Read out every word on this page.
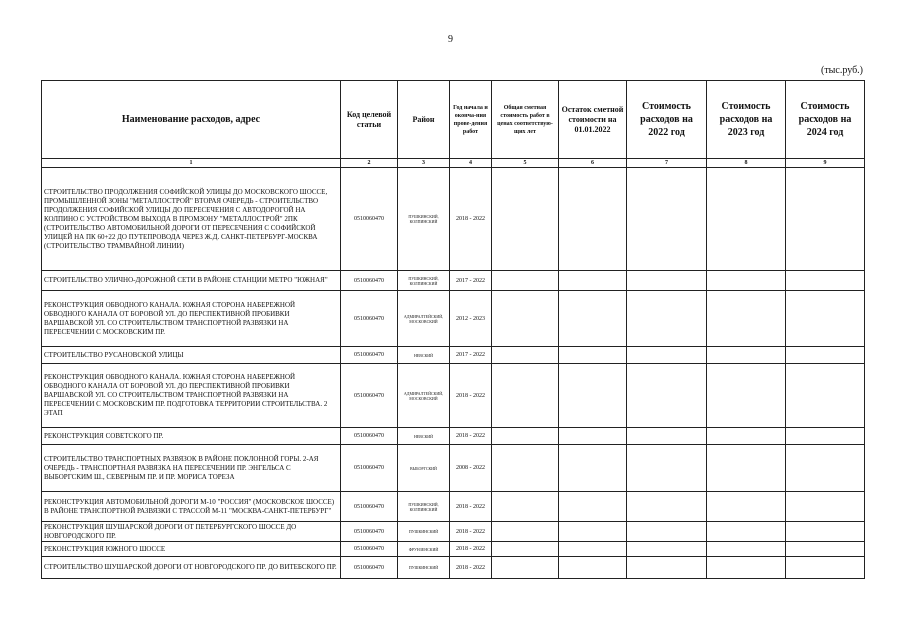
9
(тыс.руб.)
Наименование расходов, адрес	Код целевой статьи	Район	Год начала и оконча-ния прове-дения работ	Общая сметная стоимость работ в ценах соответствую-щих лет	Остаток сметной стоимости на 01.01.2022	Стоимость расходов на 2022 год	Стоимость расходов на 2023 год	Стоимость расходов на 2024 год
1	2	3	4	5	6	7	8	9
СТРОИТЕЛЬСТВО ПРОДОЛЖЕНИЯ СОФИЙСКОЙ УЛИЦЫ ДО МОСКОВСКОГО ШОССЕ, ПРОМЫШЛЕННОЙ ЗОНЫ "МЕТАЛЛОСТРОЙ" ВТОРАЯ ОЧЕРЕДЬ - СТРОИТЕЛЬСТВО ПРОДОЛЖЕНИЯ СОФИЙСКОЙ УЛИЦЫ ДО ПЕРЕСЕЧЕНИЯ С АВТОДОРОГОЙ НА КОЛПИНО С УСТРОЙСТВОМ ВЫХОДА В ПРОМЗОНУ "МЕТАЛЛОСТРОЙ" 2ПК (СТРОИТЕЛЬСТВО АВТОМОБИЛЬНОЙ ДОРОГИ ОТ ПЕРЕСЕЧЕНИЯ С СОФИЙСКОЙ УЛИЦЕЙ НА ПК 60+22 ДО ПУТЕПРОВОДА ЧЕРЕЗ Ж.Д. САНКТ-ПЕТЕРБУРГ-МОСКВА (СТРОИТЕЛЬСТВО ТРАМВАЙНОЙ ЛИНИИ)	0510060470	ПУШКИНСКИЙ, КОЛПИНСКИЙ	2018 - 2022					
СТРОИТЕЛЬСТВО УЛИЧНО-ДОРОЖНОЙ СЕТИ В РАЙОНЕ СТАНЦИИ МЕТРО "ЮЖНАЯ"	0510060470	ПУШКИНСКИЙ, КОЛПИНСКИЙ	2017 - 2022					
РЕКОНСТРУКЦИЯ ОБВОДНОГО КАНАЛА. ЮЖНАЯ СТОРОНА НАБЕРЕЖНОЙ ОБВОДНОГО КАНАЛА ОТ БОРОВОЙ УЛ. ДО ПЕРСПЕКТИВНОЙ ПРОБИВКИ ВАРШАВСКОЙ УЛ. СО СТРОИТЕЛЬСТВОМ ТРАНСПОРТНОЙ РАЗВЯЗКИ НА ПЕРЕСЕЧЕНИИ С МОСКОВСКИМ ПР.	0510060470	АДМИРАЛТЕЙСКИЙ, МОСКОВСКИЙ	2012 - 2023					
СТРОИТЕЛЬСТВО РУСАНОВСКОЙ УЛИЦЫ	0510060470	НЕВСКИЙ	2017 - 2022					
РЕКОНСТРУКЦИЯ ОБВОДНОГО КАНАЛА. ЮЖНАЯ СТОРОНА НАБЕРЕЖНОЙ ОБВОДНОГО КАНАЛА ОТ БОРОВОЙ УЛ. ДО ПЕРСПЕКТИВНОЙ ПРОБИВКИ ВАРШАВСКОЙ УЛ. СО СТРОИТЕЛЬСТВОМ ТРАНСПОРТНОЙ РАЗВЯЗКИ НА ПЕРЕСЕЧЕНИИ С МОСКОВСКИМ ПР. ПОДГОТОВКА ТЕРРИТОРИИ СТРОИТЕЛЬСТВА. 2 ЭТАП	0510060470	АДМИРАЛТЕЙСКИЙ, МОСКОВСКИЙ	2018 - 2022					
РЕКОНСТРУКЦИЯ СОВЕТСКОГО ПР.	0510060470	НЕВСКИЙ	2018 - 2022					
СТРОИТЕЛЬСТВО ТРАНСПОРТНЫХ РАЗВЯЗОК В РАЙОНЕ ПОКЛОННОЙ ГОРЫ. 2-АЯ ОЧЕРЕДЬ - ТРАНСПОРТНАЯ РАЗВЯЗКА НА ПЕРЕСЕЧЕНИИ ПР. ЭНГЕЛЬСА С ВЫБОРГСКИМ Ш., СЕВЕРНЫМ ПР. И ПР. МОРИСА ТОРЕЗА	0510060470	ВЫБОРГСКИЙ	2008 - 2022					
РЕКОНСТРУКЦИЯ АВТОМОБИЛЬНОЙ ДОРОГИ М-10 "РОССИЯ" (МОСКОВСКОЕ ШОССЕ) В РАЙОНЕ ТРАНСПОРТНОЙ РАЗВЯЗКИ С ТРАССОЙ М-11 "МОСКВА-САНКТ-ПЕТЕРБУРГ"	0510060470	ПУШКИНСКИЙ, КОЛПИНСКИЙ	2018 - 2022					
РЕКОНСТРУКЦИЯ ШУШАРСКОЙ ДОРОГИ ОТ ПЕТЕРБУРГСКОГО ШОССЕ ДО НОВГОРОДСКОГО ПР.	0510060470	ПУШКИНСКИЙ	2018 - 2022					
РЕКОНСТРУКЦИЯ ЮЖНОГО ШОССЕ	0510060470	ФРУНЗЕНСКИЙ	2018 - 2022					
СТРОИТЕЛЬСТВО ШУШАРСКОЙ ДОРОГИ ОТ НОВГОРОДСКОГО ПР. ДО ВИТЕБСКОГО ПР.	0510060470	ПУШКИНСКИЙ	2018 - 2022					
